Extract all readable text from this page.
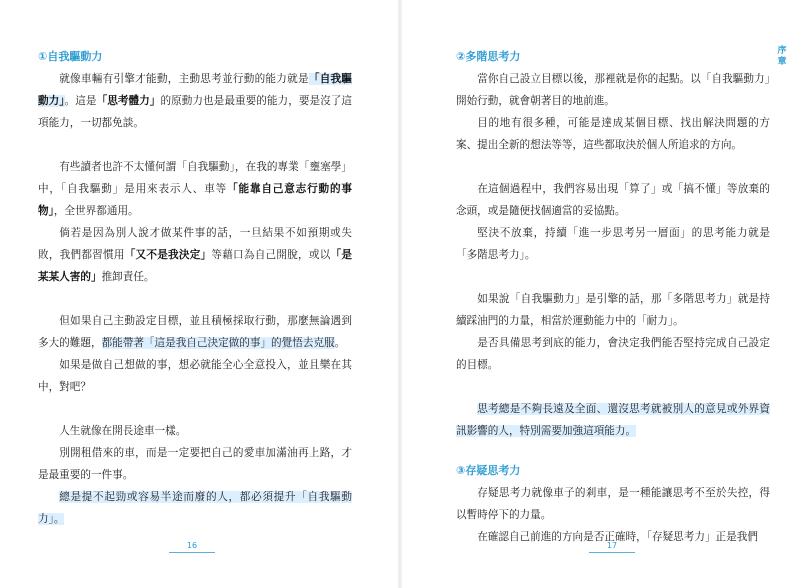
①自我驅動力

就像車輛有引擎才能動，主動思考並行動的能力就是「自我驅動力」。這是「思考體力」的原動力也是最重要的能力，要是沒了這項能力，一切都免談。

有些讀者也許不太懂何謂「自我驅動」，在我的專業「壅塞學」中，「自我驅動」是用來表示人、車等「能靠自己意志行動的事物」，全世界都通用。

倘若是因為別人說才做某件事的話，一旦結果不如預期或失敗，我們都習慣用「又不是我決定」等藉口為自己開脫，或以「是某某人害的」推卸責任。

但如果自己主動設定目標，並且積極採取行動，那麼無論遇到多大的難題，都能帶著「這是我自己決定做的事」的覺悟去克服。

如果是做自己想做的事，想必就能全心全意投入，並且樂在其中，對吧？

人生就像在開長途車一樣。

別開租借來的車，而是一定要把自己的愛車加滿油再上路，才是最重要的一件事。

總是提不起勁或容易半途而廢的人，都必須提升「自我驅動力」。

16
序章
②多階思考力

當你自己設立目標以後，那裡就是你的起點。以「自我驅動力」開始行動，就會朝著目的地前進。

目的地有很多種，可能是達成某個目標、找出解決問題的方案、提出全新的想法等等，這些都取決於個人所追求的方向。

在這個過程中，我們容易出現「算了」或「搞不懂」等放棄的念頭，或是隨便找個適當的妥協點。

堅決不放棄，持續「進一步思考另一層面」的思考能力就是「多階思考力」。

如果說「自我驅動力」是引擎的話，那「多階思考力」就是持續踩油門的力量，相當於運動能力中的「耐力」。

是否具備思考到底的能力，會決定我們能否堅持完成自己設定的目標。

思考總是不夠長遠及全面、還沒思考就被別人的意見或外界資訊影響的人，特別需要加強這項能力。

③存疑思考力

存疑思考力就像車子的剎車，是一種能讓思考不至於失控，得以暫時停下的力量。

在確認自己前進的方向是否正確時，「存疑思考力」正是我們

17
